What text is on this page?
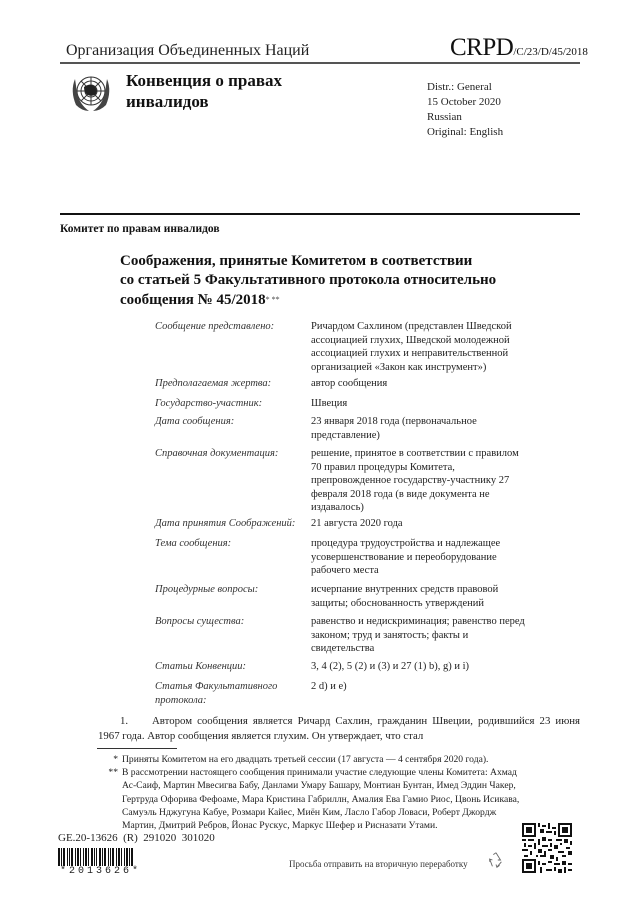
Организация Объединенных Наций	CRPD/C/23/D/45/2018
Конвенция о правах
инвалидов
Distr.: General
15 October 2020
Russian
Original: English
Комитет по правам инвалидов
Соображения, принятые Комитетом в соответствии
со статьей 5 Факультативного протокола относительно
сообщения № 45/2018* **
Сообщение представлено:	Ричардом Сахлином (представлен Шведской ассоциацией глухих, Шведской молодежной ассоциацией глухих и неправительственной организацией «Закон как инструмент»)
Предполагаемая жертва:	автор сообщения
Государство-участник:	Швеция
Дата сообщения:	23 января 2018 года (первоначальное представление)
Справочная документация:	решение, принятое в соответствии с правилом 70 правил процедуры Комитета, препровожденное государству-участнику 27 февраля 2018 года (в виде документа не издавалось)
Дата принятия Соображений:	21 августа 2020 года
Тема сообщения:	процедура трудоустройства и надлежащее усовершенствование и переоборудование рабочего места
Процедурные вопросы:	исчерпание внутренних средств правовой защиты; обоснованность утверждений
Вопросы существа:	равенство и недискриминация; равенство перед законом; труд и занятость; факты и свидетельства
Статьи Конвенции:	3, 4 (2), 5 (2) и (3) и 27 (1) b), g) и i)
Статья Факультативного протокола:
2 d) и e)
1. Автором сообщения является Ричард Сахлин, гражданин Швеции, родившийся 23 июня 1967 года. Автор сообщения является глухим. Он утверждает, что стал
* Приняты Комитетом на его двадцать третьей сессии (17 августа — 4 сентября 2020 года).
** В рассмотрении настоящего сообщения принимали участие следующие члены Комитета: Ахмад Ас-Саиф, Мартин Мвесигва Бабу, Данлами Умару Башару, Монтиан Бунтан, Имед Эддин Чакер, Гертруда Офорива Фефоаме, Мара Кристина Габриллн, Амалия Ева Гамио Риос, Цвонь Исикава, Самуэль Нджугуна Кабуе, Розмари Кайес, Миён Ким, Ласло Габор Ловаси, Роберт Джордж Мартин, Дмитрий Ребров, Йонас Рускус, Маркус Шефер и Рисназати Утами.
GE.20-13626  (R)  291020  301020
*2013626*
Просьба отправить на вторичную переработку
